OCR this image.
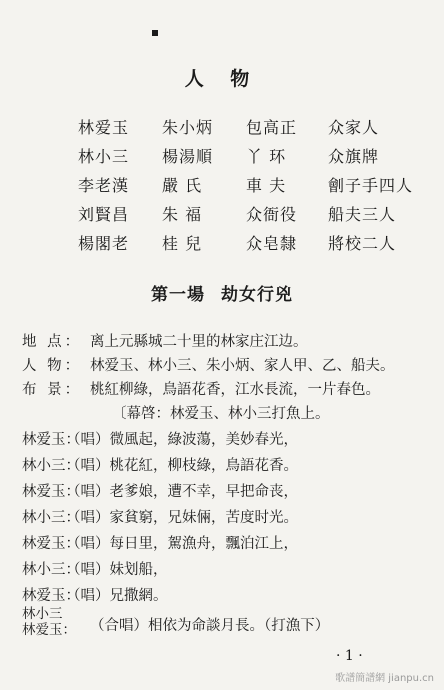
人 物
林爱玉 朱小炳 包高正 众家人
林小三 楊湯順 丫 环	众旗牌
李老漢 嚴 氏	車 夫	劊子手四人
刘賢昌 朱 福	众衙役 船夫三人
楊閣老 桂 兒	众皂隸 將校二人
第一場 劫女行兇
地 点： 离上元縣城二十里的林家庄江边。
人 物： 林爱玉、林小三、朱小炳、家人甲、乙、船夫。
布 景： 桃紅柳綠，鳥語花香，江水長流，一片春色。
〔幕啓：林爱玉、林小三打魚上。
林爱玉：
（唱）微風起，綠波蕩，美妙春光，
林小三：
（唱）桃花紅，柳枝綠，鳥語花香。
林爱玉：
（唱）老爹娘，遭不幸，早把命丧，
林小三：
（唱）家貧窮，兄妹倆，苦度时光。
林爱玉：
（唱）每日里，駕漁舟，飄泊江上，
林小三：
（唱）妹划船，
林爱玉：
（唱）兄撒網。
林小三
林爱玉： （合唱）相依为命談月長。（打漁下）
· 1 ·
歌譜簡譜網 jianpu.cn
